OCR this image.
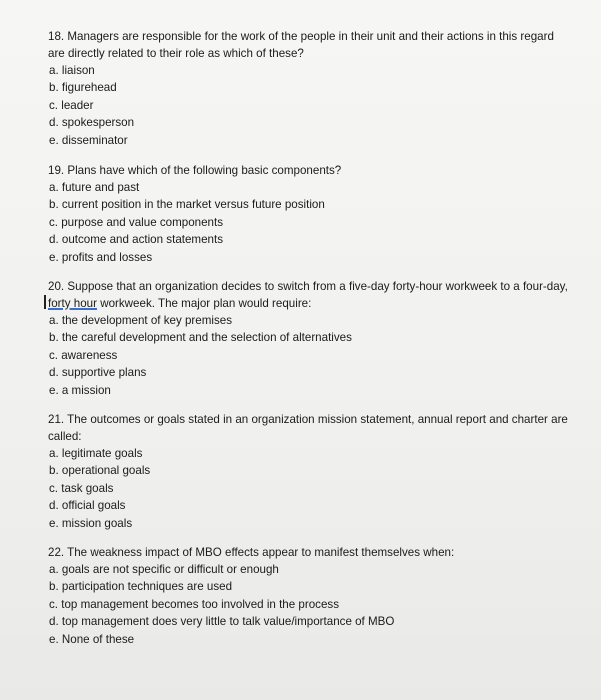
18. Managers are responsible for the work of the people in their unit and their actions in this regard are directly related to their role as which of these?

a. liaison

b. figurehead

c. leader

d. spokesperson

e. disseminator

19. Plans have which of the following basic components?

a. future and past

b. current position in the market versus future position

c. purpose and value components

d. outcome and action statements

e. profits and losses

20. Suppose that an organization decides to switch from a five-day forty-hour workweek to a four-day, forty hour workweek. The major plan would require:

a. the development of key premises

b. the careful development and the selection of alternatives

c. awareness

d. supportive plans

e. a mission

21. The outcomes or goals stated in an organization mission statement, annual report and charter are called:

a. legitimate goals

b. operational goals

c. task goals

d. official goals

e. mission goals

22. The weakness impact of MBO effects appear to manifest themselves when:

a. goals are not specific or difficult or enough

b. participation techniques are used

c. top management becomes too involved in the process

d. top management does very little to talk value/importance of MBO

e. None of these
